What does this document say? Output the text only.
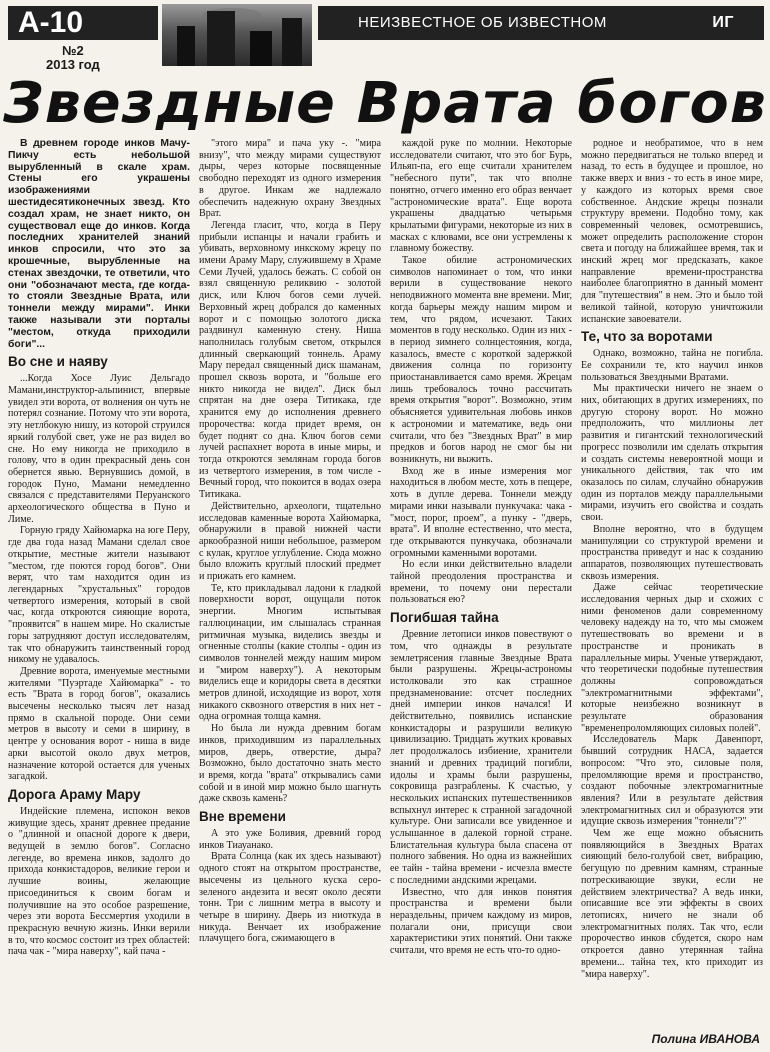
А-10
№2
2013 год
НЕИЗВЕСТНОЕ ОБ ИЗВЕСТНОМ	ИГ
Звездные Врата богов

В древнем городе инков Мачу-Пикчу есть небольшой вырубленный в скале храм. Стены его украшены изображениями шестидесятиконечных звезд. Кто создал храм, не знает никто, он существовал еще до инков. Когда последних хранителей знаний инков спросили, что это за крошечные, вырубленные на стенах звездочки, те ответили, что они "обозначают места, где когда-то стояли Звездные Врата, или тоннели между мирами". Инки также называли эти порталы "местом, откуда приходили боги"...

Во сне и наяву

...Когда Хосе Луис Дельгадо Мамани,инструктор-альпинист, впервые увидел эти ворота, от волнения он чуть не потерял сознание. Потому что эти ворота, эту нетлбокую нишу, из которой струился яркий голубой свет, уже не раз видел во сне. Но ему никогда не приходило в голову, что в один прекрасный день сон обернется явью. Вернувшись домой, в городок Пуно, Мамани немедленно связался с представителями Перуанского археологического общества в Пуно и Лиме.

Горную гряду Хайюмарка на юге Перу, где два года назад Мамани сделал свое открытие, местные жители называют "местом, где поются город богов". Они верят, что там находится один из легендарных "хрустальных" городов четвертого измерения, который в свой час, когда откроются сияющие ворота, "проявится" в нашем мире. Но скалистые горы затрудняют доступ исследователям, так что обнаружить таинственный город никому не удавалось.

Древние ворота, именуемые местными жителями "Пуэртаде Хайюмарка" - то есть "Врата в город богов", оказались высечены несколько тысяч лет назад прямо в скальной породе. Они семи метров в высоту и семи в ширину, в центре у основания ворот - ниша в виде арки высотой около двух метров, назначение которой остается для ученых загадкой.

Дорога Араму Мару

Индейские племена, испокон веков живущие здесь, хранят древнее предание о "длинной и опасной дороге к двери, ведущей в землю богов". Согласно легенде, во времена инков, задолго до прихода конкистадоров, великие герои и лучшие воины, желающие присоединиться к своим богам и получившие на это особое разрешение, через эти ворота Бессмертия уходили в прекрасную вечную жизнь. Инки верили в то, что космос состоит из трех областей: пача чак - "мира наверху", кай пача -

"этого мира" и пача уку -. "мира внизу", что между мирами существуют дыры, через которые посвященные свободно переходят из одного измерения в другое. Инкам же надлежало обеспечить надежную охрану Звездных Врат.

Легенда гласит, что, когда в Перу прибыли испанцы и начали грабить и убивать, верховному инкскому жрецу по имени Араму Мару, служившему в Храме Семи Лучей, удалось бежать. С собой он взял священную реликвию - золотой диск, или Ключ богов семи лучей. Верховный жрец добрался до каменных ворот и с помощью золотого диска раздвинул каменную стену. Ниша наполнилась голубым светом, открылся длинный сверкающий тоннель. Араму Мару передал священный диск шаманам, прошел сквозь ворота, и "больше его никто никогда не видел". Диск был спрятан на дне озера Титикака, где хранится ему до исполнения древнего пророчества: когда придет время, он будет поднят со дна. Ключ богов семи лучей распахнет ворота в иные миры, и тогда откроются землянам города богов из четвертого измерения, в том числе - Вечный город, что покоится в водах озера Титикака.

Действительно, археологи, тщательно исследовав каменные ворота Хайюмарка, обнаружили в правой нижней части аркообразной ниши небольшое, размером с кулак, круглое углубление. Сюда можно было вложить круглый плоский предмет и прижать его камнем.

Те, кто прикладывал ладони к гладкой поверхности ворот, ощущали поток энергии. Многим испытывая галлюцинации, им слышалась странная ритмичная музыка, виделись звезды и огненные столпы (какие столпы - один из символов тоннелей между нашим миром и "миром наверху"). А некоторым виделись еще и коридоры света в десятки метров длиной, исходящие из ворот, хотя никакого сквозного отверстия в них нет - одна огромная толща камня.

Но была ли нужда древним богам инков, приходившим из параллельных миров, дверь, отверстие, дыра? Возможно, было достаточно знать место и время, когда "врата" открывались сами собой и в иной мир можно было шагнуть даже сквозь камень?

Вне времени

А это уже Боливия, древний город инков Тиауанако.

Врата Солнца (как их здесь называют) одного стоят на открытом пространстве, высечены из цельного куска серо-зеленого андезита и весят около десяти тонн. Три с лишним метра в высоту и четыре в ширину. Дверь из ниоткуда в никуда. Венчает их изображение плачущего бога, сжимающего в

каждой руке по молнии. Некоторые исследователи считают, что это бог Бурь, Ильяп-па, его еще считали хранителем "небесного пути", так что вполне понятно, отчего именно его образ венчает "астрономические врата". Еще ворота украшены двадцатью четырьмя крылатыми фигурами, некоторые из них в масках с клювами, все они устремлены к главному божеству.

Такое обилие астрономических символов напоминает о том, что инки верили в существование некого неподвижного момента вне времени. Миг, когда барьеры между нашим миром и тем, что рядом, исчезают. Таких моментов в году несколько. Один из них - в период зимнего солнцестояния, когда, казалось, вместе с короткой задержкой движения солнца по горизонту приостанавливается само время. Жрецам лишь требовалось точно рассчитать время открытия "ворот". Возможно, этим объясняется удивительная любовь инков к астрономии и математике, ведь они считали, что без "Звездных Врат" в мир предков и богов народ не смог бы ни возникнуть, ни выжить.

Вход же в иные измерения мог находиться в любом месте, хоть в пещере, хоть в дупле дерева. Тоннели между мирами инки называли пункучака: чака - "мост, порог, проем", а пунку - "дверь, врата". И вполне естественно, что места, где открываются пункучака, обозначали огромными каменными воротами.

Но если инки действительно владели тайной преодоления пространства и времени, то почему они перестали пользоваться ею?

Погибшая тайна

Древние летописи инков повествуют о том, что однажды в результате землетрясения главные Звездные Врата были разрушены. Жрецы-астрономы истолковали это как страшное предзнаменование: отсчет последних дней империи инков начался! И действительно, появились испанские конкистадоры и разрушили великую цивилизацию. Тридцать жутких кровавых лет продолжалось избиение, хранители знаний и древних традиций погибли, идолы и храмы были разрушены, сокровища разграблены. К счастью, у нескольких испанских путешественников вспыхнул интерес к странной загадочной культуре. Они записали все увиденное и услышанное в далекой горной стране. Блистательная культура была спасена от полного забвения. Но одна из важнейших ее тайн - тайна времени - исчезла вместе с последними андскими жрецами.

Известно, что для инков понятия пространства и времени были нераздельны, причем каждому из миров, полагали они, присущи свои характеристики этих понятий. Они также считали, что время не есть что-то одно-

родное и необратимое, что в нем можно передвигаться не только вперед и назад, то есть в будущее и прошлое, но также вверх и вниз - то есть в иное мире, у каждого из которых время свое собственное. Андские жрецы познали структуру времени. Подобно тому, как современный человек, осмотревшись, может определить расположение сторон света и погоду на ближайшее время, так и инский жрец мог предсказать, какое направление времени-пространства наиболее благоприятно в данный момент для "путешествия" в нем. Это и было той великой тайной, которую уничтожили испанские завоеватели.

Те, что за воротами

Однако, возможно, тайна не погибла. Ее сохранили те, кто научил инков пользоваться Звездными Вратами.

Мы практически ничего не знаем о них, обитающих в других измерениях, по другую сторону ворот. Но можно предположить, что миллионы лет развития и гигантский технологический прогресс позволили им сделать открытия и создать системы невероятной мощи и уникального действия, так что им оказалось по силам, случайно обнаружив один из порталов между параллельными мирами, изучить его свойства и создать свои.

Вполне вероятно, что в будущем манипуляции со структурой времени и пространства приведут и нас к созданию аппаратов, позволяющих путешествовать сквозь измерения.

Даже сейчас теоретические исследования черных дыр и схожих с ними феноменов дали современному человеку надежду на то, что мы сможем путешествовать во времени и в пространстве и проникать в параллельные миры. Ученые утверждают, что теоретически подобные путешествия должны сопровождаться "электромагнитными эффектами", которые неизбежно возникнут в результате образования "временепроломляющих силовых полей".

Исследователь Марк Давенпорт, бывший сотрудник НАСА, задается вопросом: "Что это, силовые поля, преломляющие время и пространство, создают побочные электромагнитные явления? Или в результате действия электромагнитных сил и образуются эти идущие сквозь измерения "тоннели"?"

Чем же еще можно объяснить появляющийся в Звездных Вратах сияющий бело-голубой свет, вибрацию, бегущую по древним камням, странные потрескивающие звуки, если не действием электричества? А ведь инки, описавшие все эти эффекты в своих летописях, ничего не знали об электромагнитных полях. Так что, если пророчество инков сбудется, скоро нам откроется давно утерянная тайна времени... тайна тех, кто приходит из "мира наверху".

Полина ИВАНОВА
